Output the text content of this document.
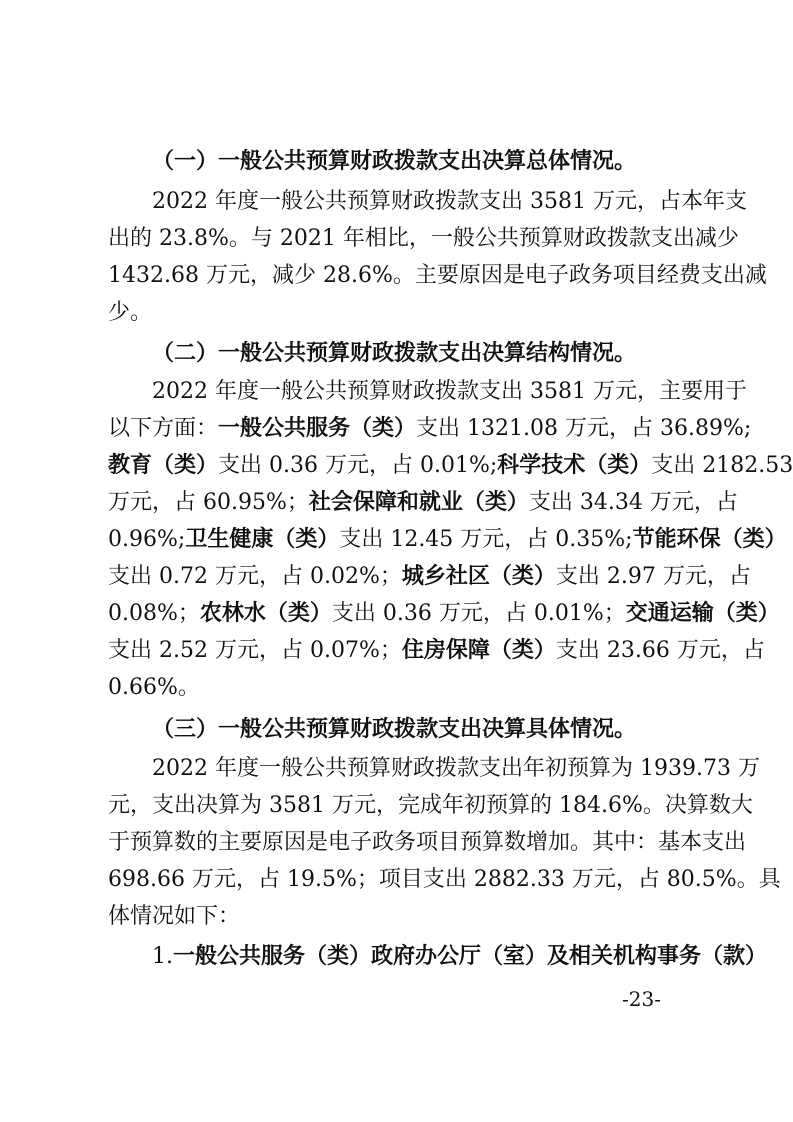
（一）一般公共预算财政拨款支出决算总体情况。
2022 年度一般公共预算财政拨款支出 3581 万元，占本年支
出的 23.8%。与 2021 年相比，一般公共预算财政拨款支出减少
1432.68 万元，减少 28.6%。主要原因是电子政务项目经费支出减
少。
（二）一般公共预算财政拨款支出决算结构情况。
2022 年度一般公共预算财政拨款支出 3581 万元，主要用于
以下方面：一般公共服务（类）支出 1321.08 万元，占 36.89%;
教育（类）支出 0.36 万元，占 0.01%;科学技术（类）支出 2182.53
万元，占 60.95%；社会保障和就业（类）支出 34.34 万元，占
0.96%;卫生健康（类）支出 12.45 万元，占 0.35%;节能环保（类）
支出 0.72 万元，占 0.02%；城乡社区（类）支出 2.97 万元，占
0.08%；农林水（类）支出 0.36 万元，占 0.01%；交通运输（类）
支出 2.52 万元，占 0.07%；住房保障（类）支出 23.66 万元，占
0.66%。
（三）一般公共预算财政拨款支出决算具体情况。
2022 年度一般公共预算财政拨款支出年初预算为 1939.73 万
元，支出决算为 3581 万元，完成年初预算的 184.6%。决算数大
于预算数的主要原因是电子政务项目预算数增加。其中：基本支出
698.66 万元，占 19.5%；项目支出 2882.33 万元，占 80.5%。具
体情况如下：
1.一般公共服务（类）政府办公厅（室）及相关机构事务（款）
-23-
